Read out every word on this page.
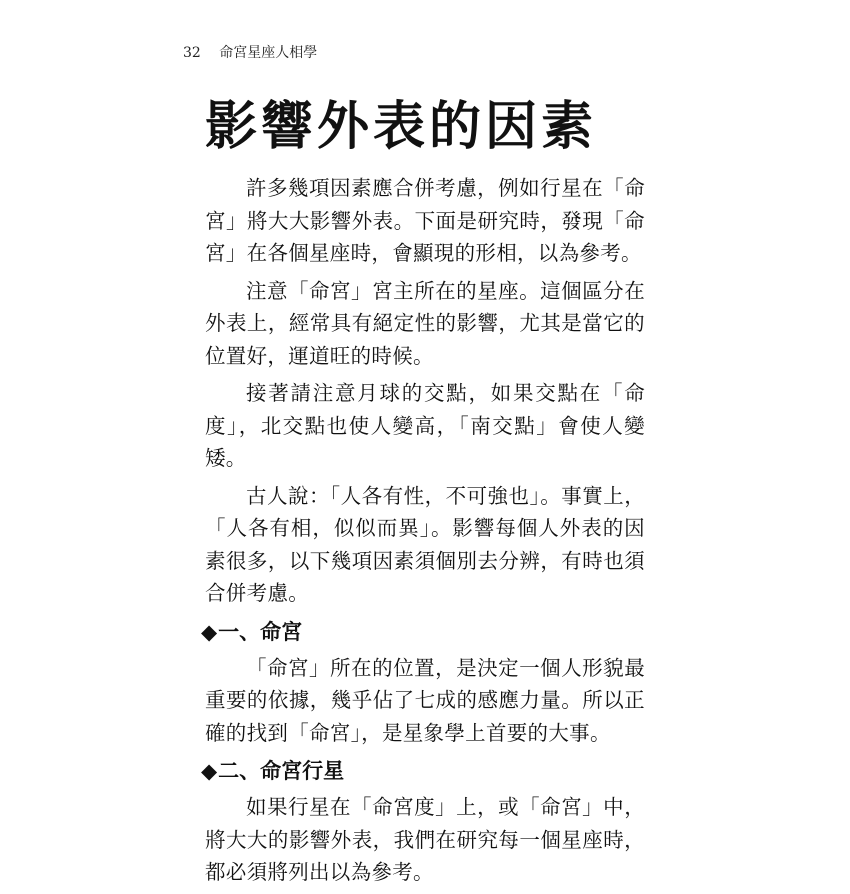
32 命宮星座人相學
影響外表的因素

許多幾項因素應合併考慮，例如行星在「命宮」將大大影響外表。下面是研究時，發現「命宮」在各個星座時，會顯現的形相，以為參考。

注意「命宮」宮主所在的星座。這個區分在外表上，經常具有絕定性的影響，尤其是當它的位置好，運道旺的時候。

接著請注意月球的交點，如果交點在「命度」，北交點也使人變高，「南交點」會使人變矮。

古人說：「人各有性，不可強也」。事實上，「人各有相，似似而異」。影響每個人外表的因素很多，以下幾項因素須個別去分辨，有時也須合併考慮。

◆一、命宮

「命宮」所在的位置，是決定一個人形貌最重要的依據，幾乎佔了七成的感應力量。所以正確的找到「命宮」，是星象學上首要的大事。

◆二、命宮行星

如果行星在「命宮度」上，或「命宮」中，將大大的影響外表，我們在研究每一個星座時，都必須將列出以為參考。
